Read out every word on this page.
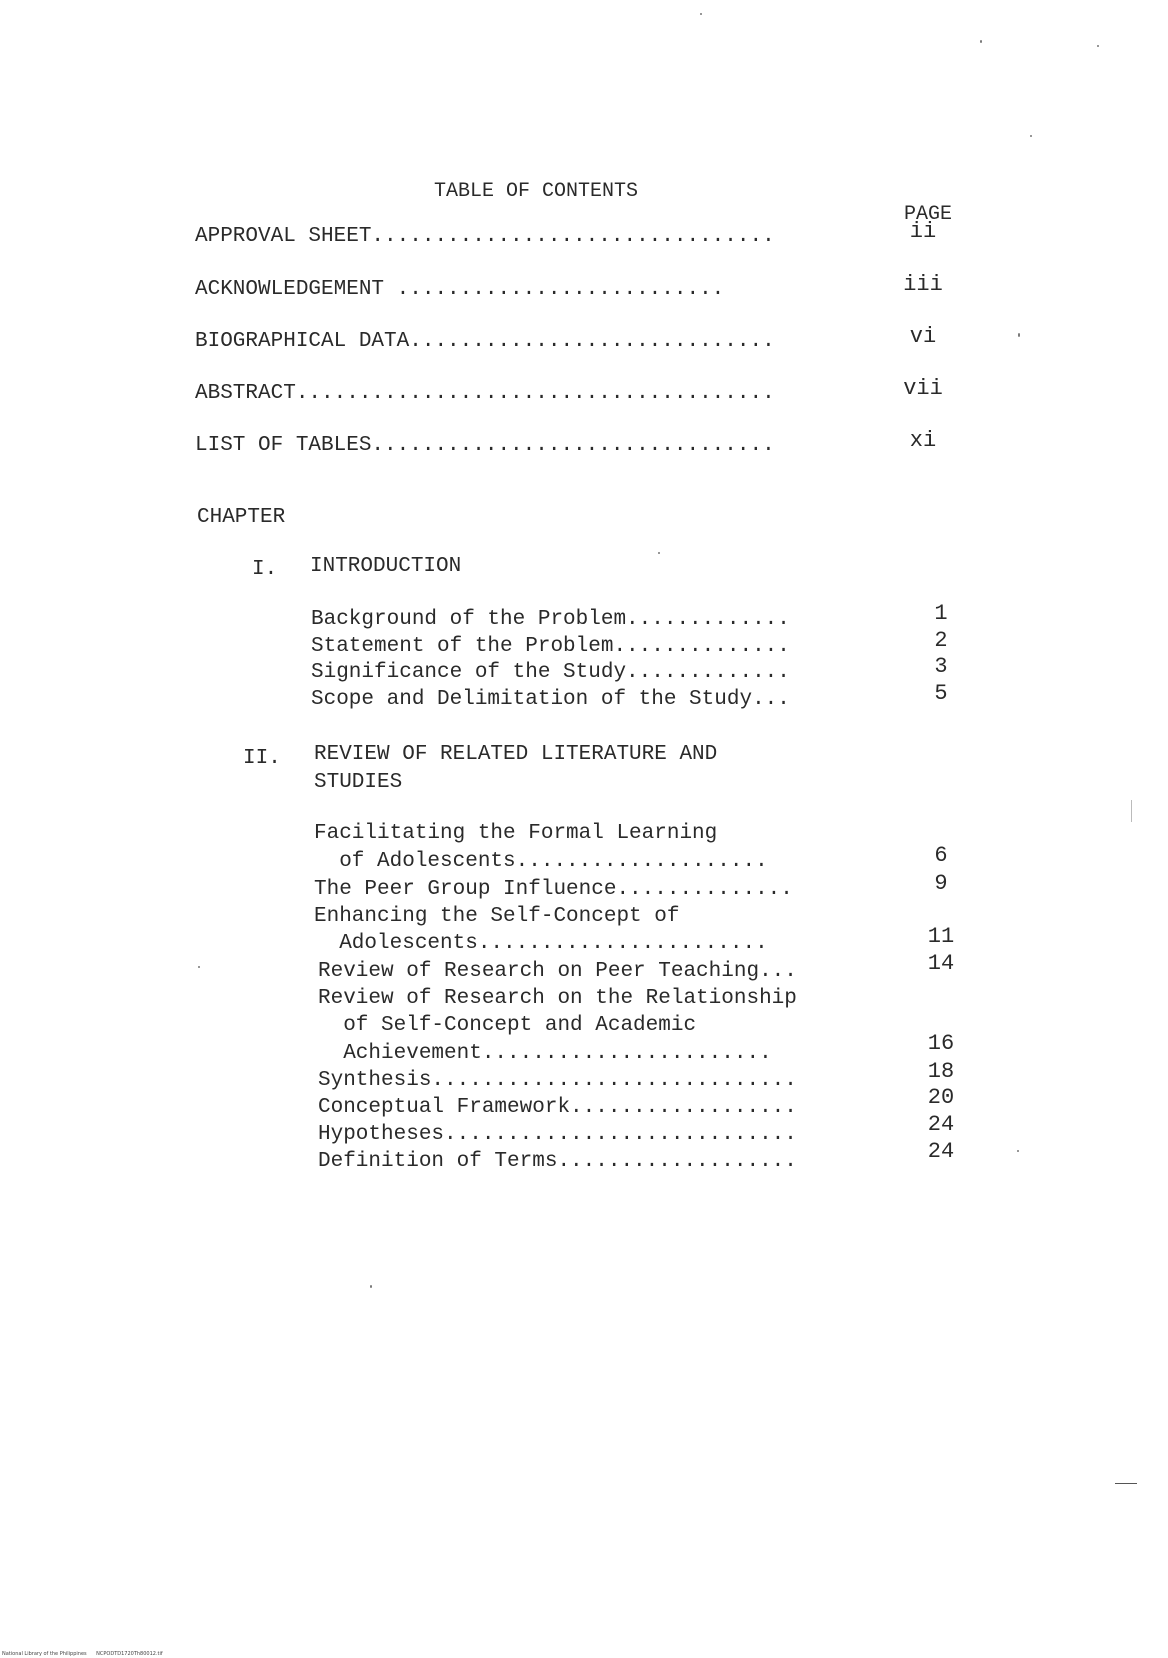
TABLE OF CONTENTS
PAGE
APPROVAL SHEET................................	ii
ACKNOWLEDGEMENT ..........................	iii
BIOGRAPHICAL DATA.............................	vi
ABSTRACT......................................	vii
LIST OF TABLES................................	xi
CHAPTER
I. INTRODUCTION
Background of the Problem.............	1
Statement of the Problem..............	2
Significance of the Study.............	3
Scope and Delimitation of the Study...	5
II. REVIEW OF RELATED LITERATURE AND
STUDIES
Facilitating the Formal Learning
of Adolescents....................	6
The Peer Group Influence..............	9
Enhancing the Self-Concept of
Adolescents.......................	11
Review of Research on Peer Teaching...	14
Review of Research on the Relationship
of Self-Concept and Academic
Achievement.......................	16
Synthesis.............................	18
Conceptual Framework..................	20
Hypotheses............................	24
Definition of Terms...................	24
National Library of the Philippines      NCPODTD1720Th80012.tif
